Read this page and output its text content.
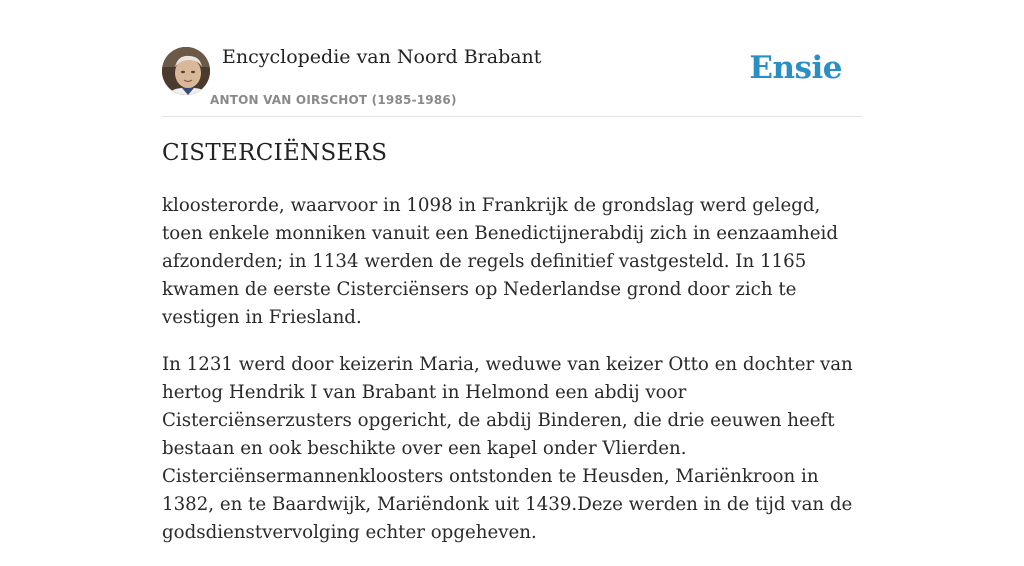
Encyclopedie van Noord Brabant
ANTON VAN OIRSCHOT (1985-1986)
Ensie
CISTERCIËNSERS

kloosterorde, waarvoor in 1098 in Frankrijk de grondslag werd gelegd, toen enkele monniken vanuit een Benedictijnerabdij zich in eenzaamheid afzonderden; in 1134 werden de regels definitief vastgesteld. In 1165 kwamen de eerste Cisterciënsers op Nederlandse grond door zich te vestigen in Friesland.

In 1231 werd door keizerin Maria, weduwe van keizer Otto en dochter van hertog Hendrik I van Brabant in Helmond een abdij voor Cisterciënserzusters opgericht, de abdij Binderen, die drie eeuwen heeft bestaan en ook beschikte over een kapel onder Vlierden. Cisterciënsermannenkloosters ontstonden te Heusden, Mariënkroon in 1382, en te Baardwijk, Mariëndonk uit 1439.Deze werden in de tijd van de godsdienstvervolging echter opgeheven.
